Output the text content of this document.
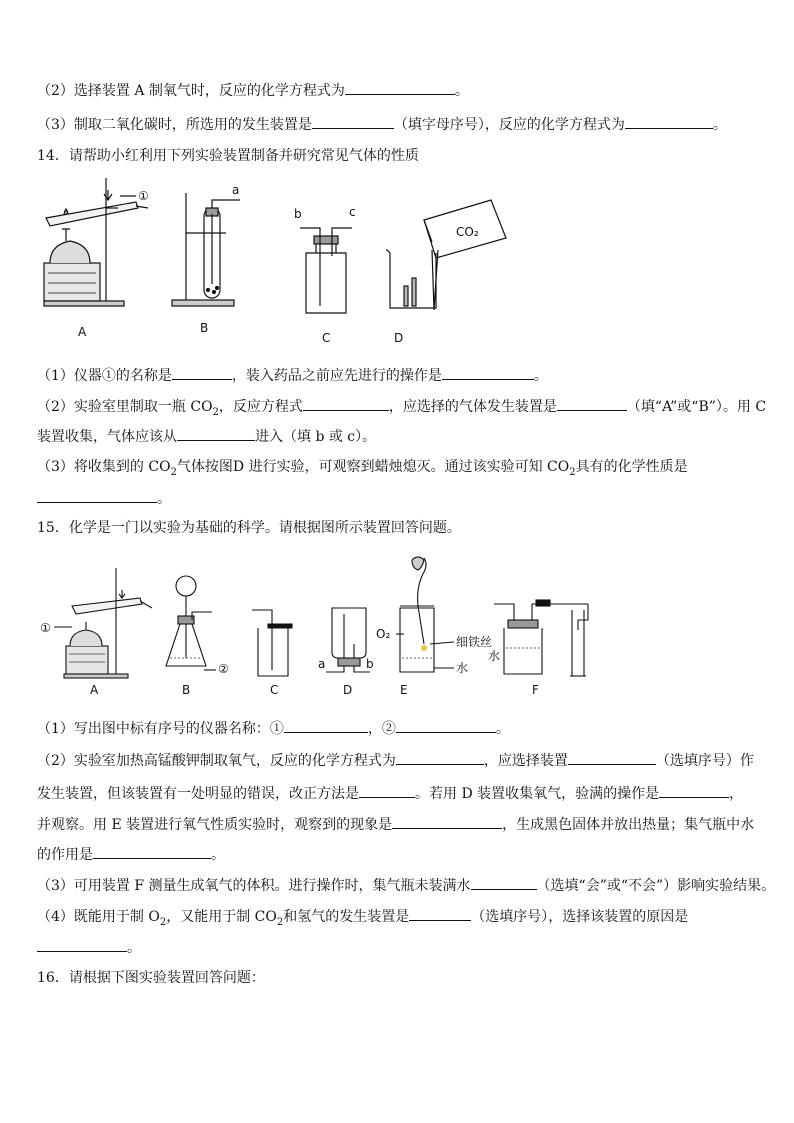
（2）选择装置 A 制氧气时，反应的化学方程式为	。
（3）制取二氧化碳时，所选用的发生装置是	（填字母序号），反应的化学方程式为	。
14．请帮助小红利用下列实验装置制备并研究常见气体的性质
A
①	a
B
b	c
C
CO₂
D
（1）仪器①的名称是	，装入药品之前应先进行的操作是	。
（2）实验室里制取一瓶 $CO_2$，反应方程式	，应选择的气体发生装置是	（填“A”或“B”）。用 C
装置收集，气体应该从	进入（填 b 或 c）。
（3）将收集到的 $CO_2$气体按图D 进行实验，可观察到蜡烛熄灭。通过该实验可知 $CO_2$具有的化学性质是
。
15．化学是一门以实验为基础的科学。请根据图所示装置回答问题。
①
A
②
B	C
a	b
D
O₂
细铁丝
水
E
水
F
（1）写出图中标有序号的仪器名称：①	，②	。
（2）实验室加热高锰酸钾制取氧气，反应的化学方程式为	，应选择装置	（选填序号）作
发生装置，但该装置有一处明显的错误，改正方法是	。若用 D 装置收集氧气，验满的操作是	，
并观察。用 E 装置进行氧气性质实验时，观察到的现象是	，生成黑色固体并放出热量；集气瓶中水
的作用是	。
（3）可用装置 F 测量生成氧气的体积。进行操作时，集气瓶未装满水	（选填“会”或“不会”）影响实验结果。
（4）既能用于制 $O_2$，又能用于制 $CO_2$和氢气的发生装置是	（选填序号），选择该装置的原因是
。
16．请根据下图实验装置回答问题：
